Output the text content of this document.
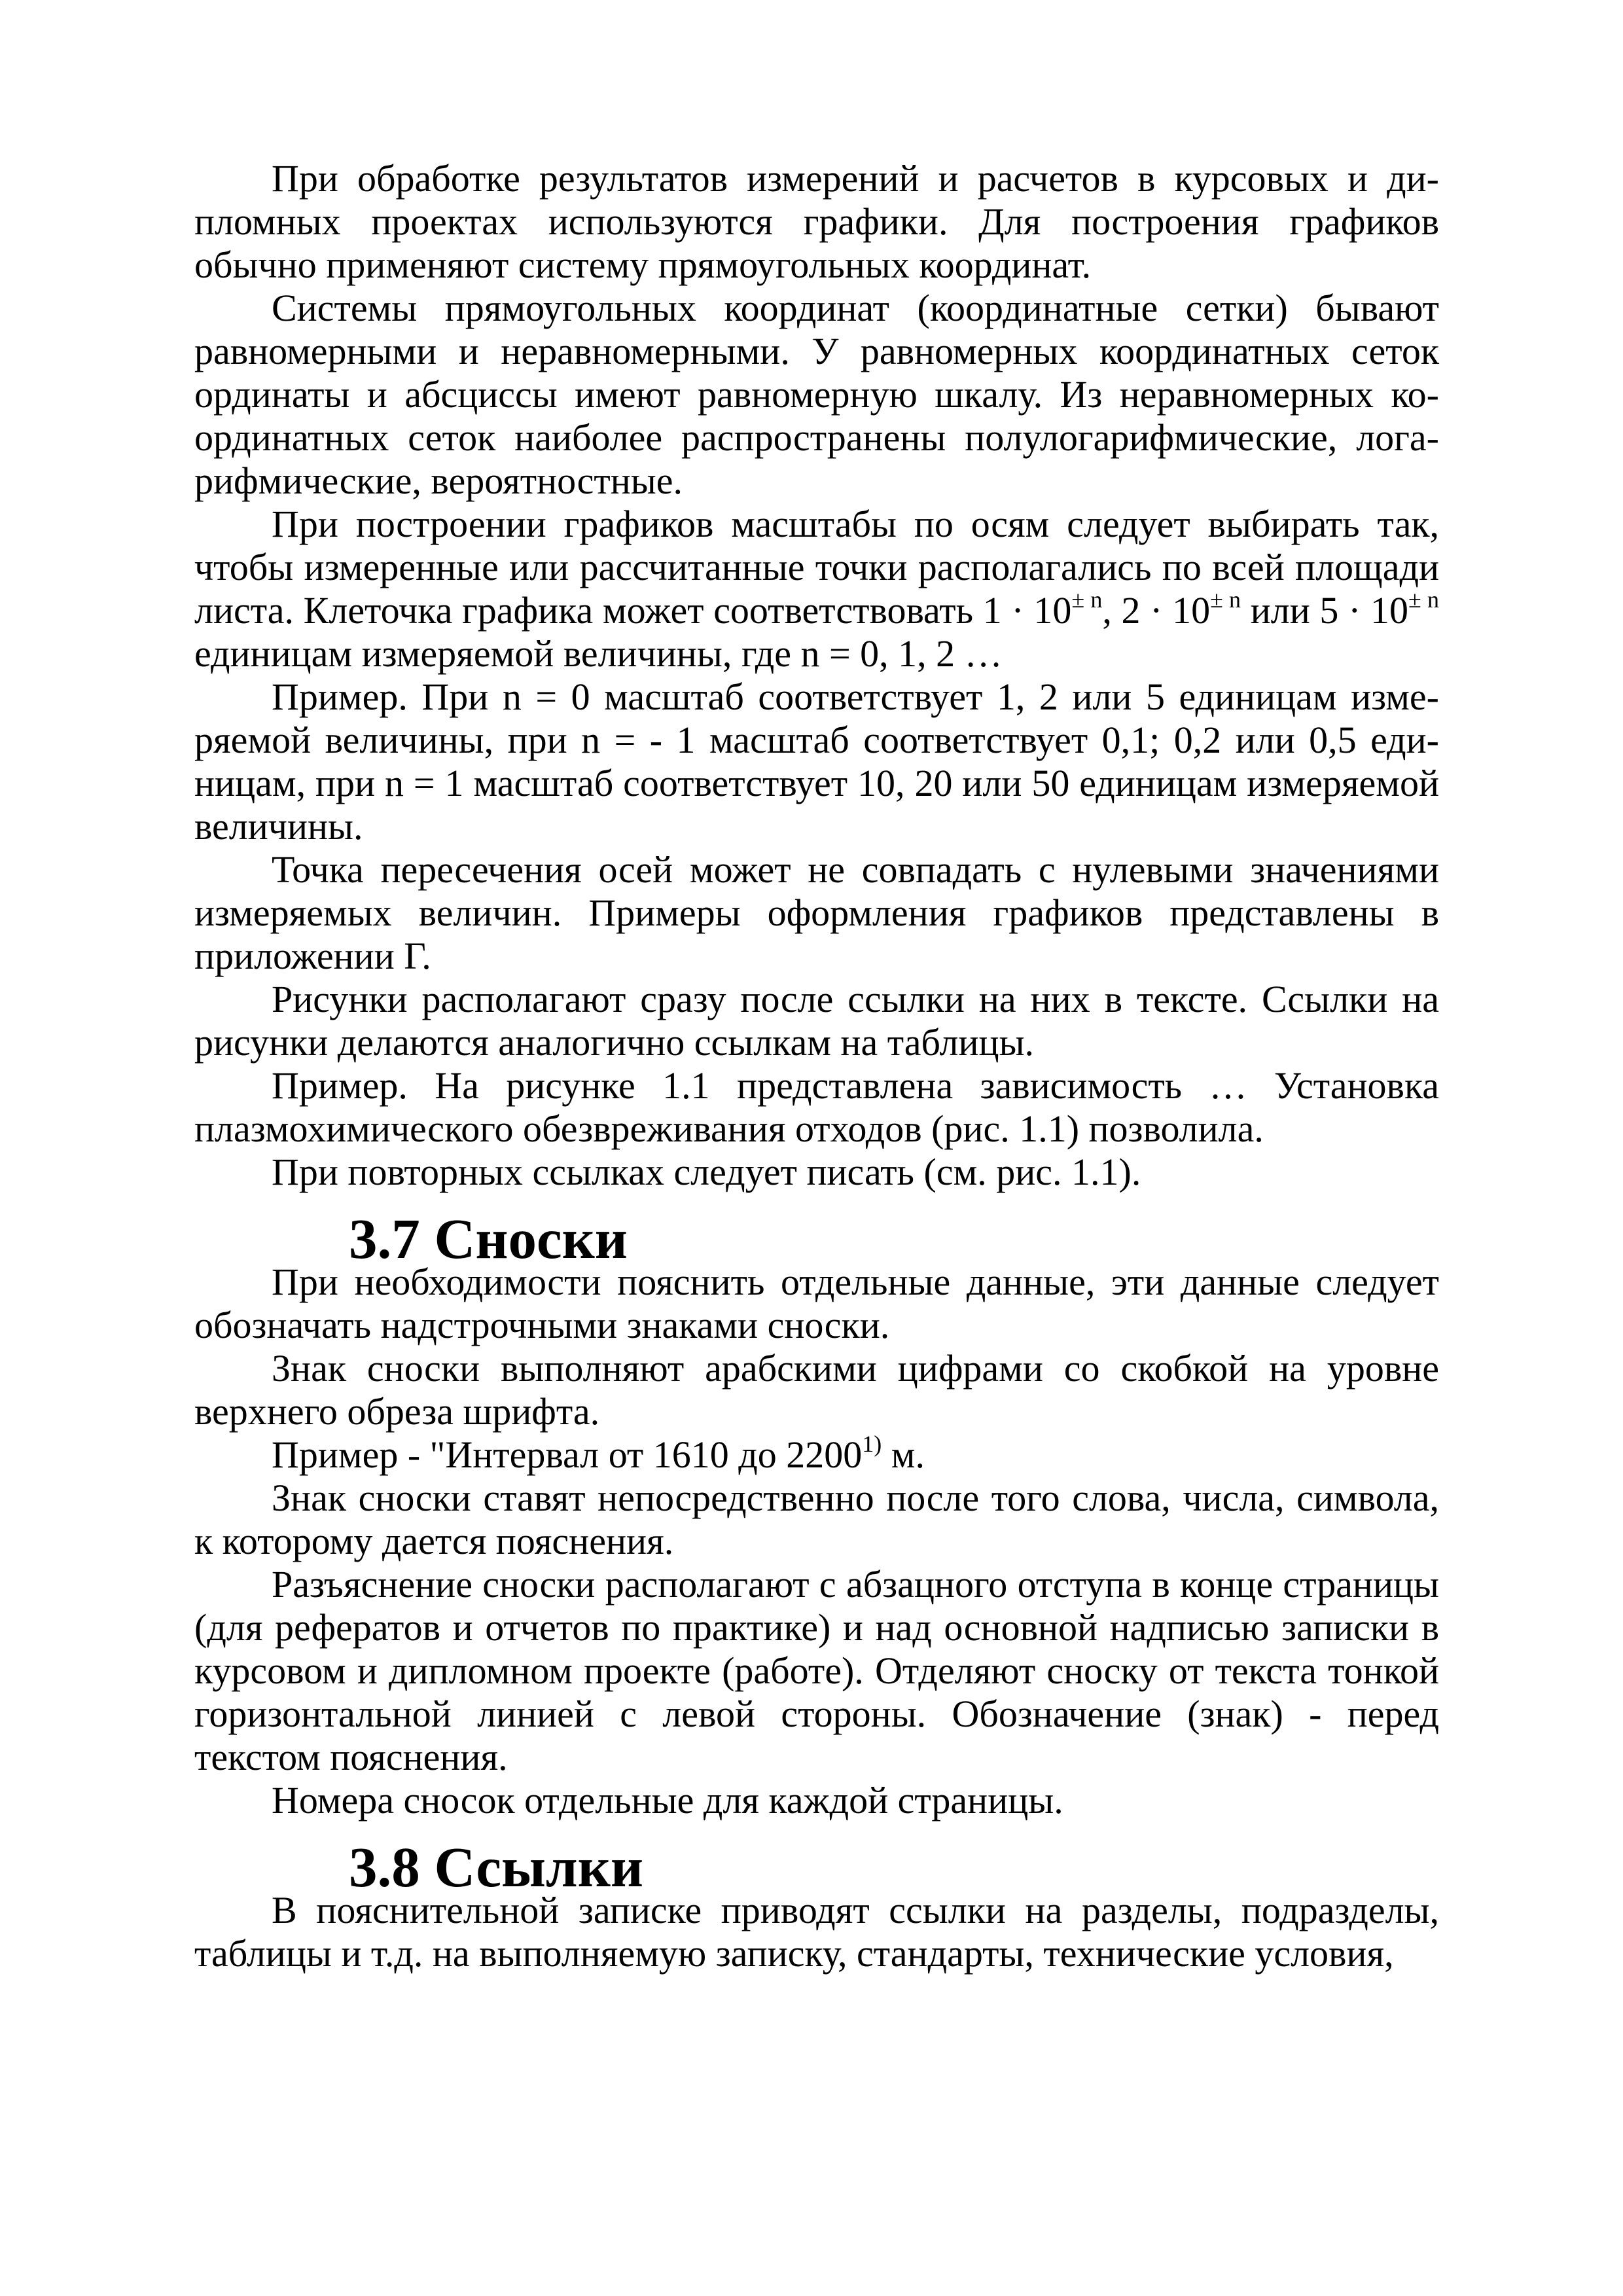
При обработке результатов измерений и расчетов в курсовых и дипломных проектах используются графики. Для построения графиков обычно применяют систему прямоугольных координат.

Системы прямоугольных координат (координатные сетки) бывают равномерными и неравномерными. У равномерных координатных сеток ординаты и абсциссы имеют равномерную шкалу. Из неравномерных координатных сеток наиболее распространены полулогарифмические, логарифмические, вероятностные.

При построении графиков масштабы по осям следует выбирать так, чтобы измеренные или рассчитанные точки располагались по всей площади листа. Клеточка графика может соответствовать $1 \cdot 10^{\pm n}$, $2 \cdot 10^{\pm n}$ или $5 \cdot 10^{\pm n}$ единицам измеряемой величины, где n = 0, 1, 2 …

Пример. При n = 0 масштаб соответствует 1, 2 или 5 единицам измеряемой величины, при n = - 1 масштаб соответствует 0,1; 0,2 или 0,5 единицам, при n = 1 масштаб соответствует 10, 20 или 50 единицам измеряемой величины.

Точка пересечения осей может не совпадать с нулевыми значениями измеряемых величин. Примеры оформления графиков представлены в приложении Г.

Рисунки располагают сразу после ссылки на них в тексте. Ссылки на рисунки делаются аналогично ссылкам на таблицы.

Пример. На рисунке 1.1 представлена зависимость … Установка плазмохимического обезвреживания отходов (рис. 1.1) позволила.

При повторных ссылках следует писать (см. рис. 1.1).

3.7 Сноски

При необходимости пояснить отдельные данные, эти данные следует обозначать надстрочными знаками сноски.

Знак сноски выполняют арабскими цифрами со скобкой на уровне верхнего обреза шрифта.

Пример - "Интервал от 1610 до 2200$^{1)}$ м.

Знак сноски ставят непосредственно после того слова, числа, символа, к которому дается пояснения.

Разъяснение сноски располагают с абзацного отступа в конце страницы (для рефератов и отчетов по практике) и над основной надписью записки в курсовом и дипломном проекте (работе). Отделяют сноску от текста тонкой горизонтальной линией с левой стороны. Обозначение (знак) - перед текстом пояснения.

Номера сносок отдельные для каждой страницы.

3.8 Ссылки

В пояснительной записке приводят ссылки на разделы, подразделы, таблицы и т.д. на выполняемую записку, стандарты, технические условия,
